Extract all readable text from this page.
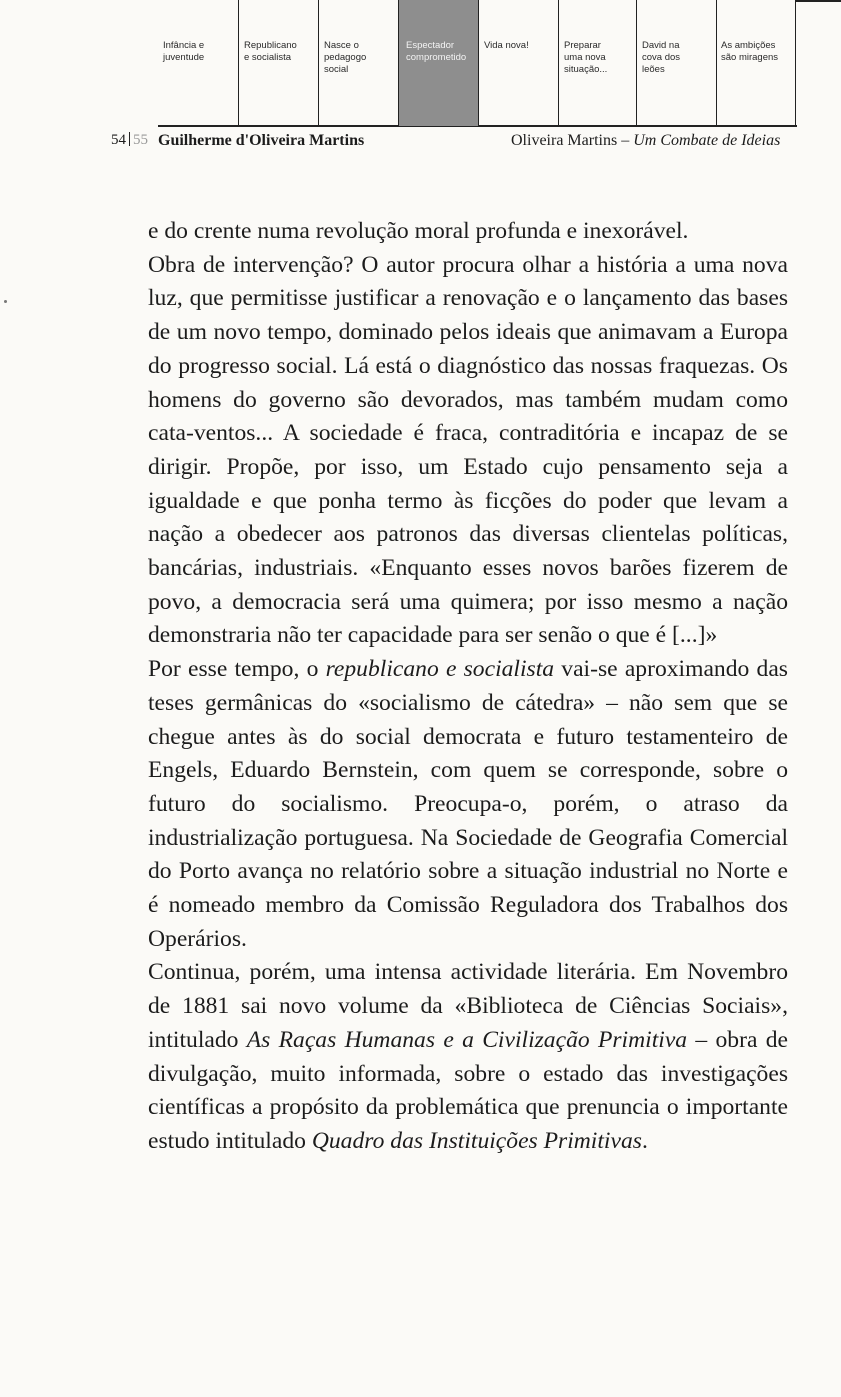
Espectador
comprometido
Infância e
juventude
Republicano
e socialista
Nasce o
pedagogo
social
Vida nova!	Preparar
uma nova
situação...
David na
cova dos
leões
As ambições
são miragens
54 55 Guilherme d'Oliveira Martins	Oliveira Martins – Um Combate de Ideias

e do crente numa revolução moral profunda e inexorável.

Obra de intervenção? O autor procura olhar a história a uma nova luz, que permitisse justificar a renovação e o lançamento das bases de um novo tempo, dominado pelos ideais que animavam a Europa do progresso social. Lá está o diagnóstico das nossas fraquezas. Os homens do governo são devorados, mas também mudam como cata-ventos... A sociedade é fraca, contraditória e incapaz de se dirigir. Propõe, por isso, um Estado cujo pensamento seja a igualdade e que ponha termo às ficções do poder que levam a nação a obedecer aos patronos das diversas clientelas políticas, bancárias, industriais. «Enquanto esses novos barões fizerem de povo, a democracia será uma quimera; por isso mesmo a nação demonstraria não ter capacidade para ser senão o que é [...]»

Por esse tempo, o republicano e socialista vai-se aproximando das teses germânicas do «socialismo de cátedra» – não sem que se chegue antes às do social democrata e futuro testamenteiro de Engels, Eduardo Bernstein, com quem se corresponde, sobre o futuro do socialismo. Preocupa-o, porém, o atraso da industrialização portuguesa. Na Sociedade de Geografia Comercial do Porto avança no relatório sobre a situação industrial no Norte e é nomeado membro da Comissão Reguladora dos Trabalhos dos Operários.

Continua, porém, uma intensa actividade literária. Em Novembro de 1881 sai novo volume da «Biblioteca de Ciências Sociais», intitulado As Raças Humanas e a Civilização Primitiva – obra de divulgação, muito informada, sobre o estado das investigações científicas a propósito da problemática que prenuncia o importante estudo intitulado Quadro das Instituições Primitivas.
